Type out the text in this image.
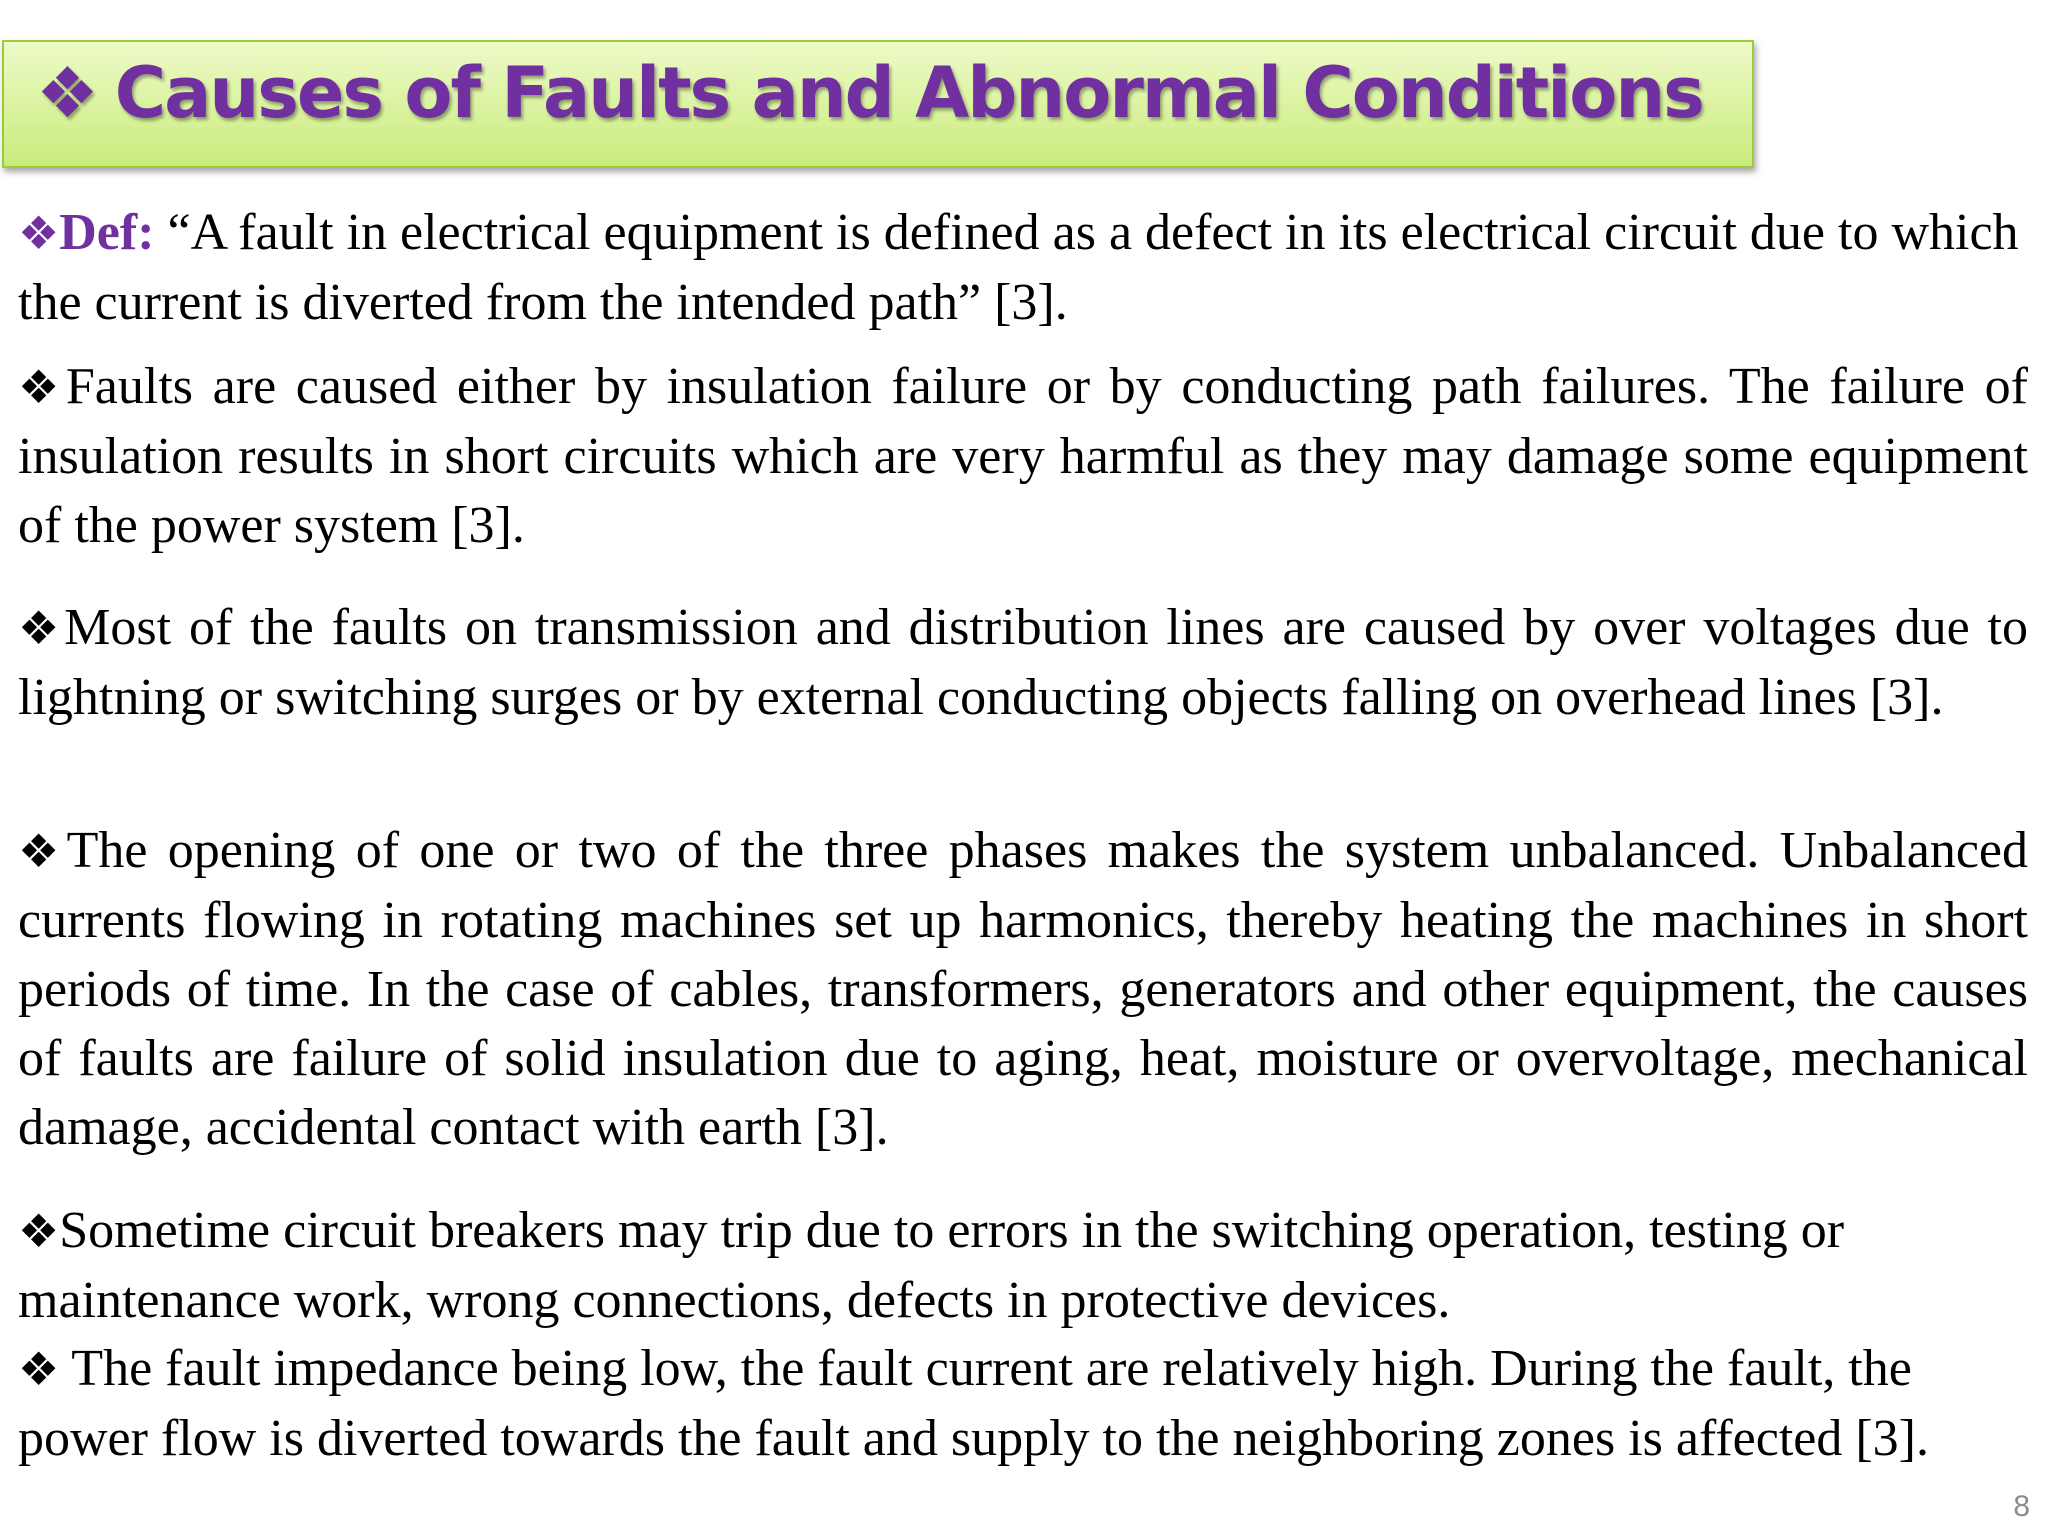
❖ Causes of Faults and Abnormal Conditions

❖Def: “A fault in electrical equipment is defined as a defect in its electrical circuit due to which the current is diverted from the intended path” [3].

❖Faults are caused either by insulation failure or by conducting path failures. The failure of insulation results in short circuits which are very harmful as they may damage some equipment of the power system [3].

❖Most of the faults on transmission and distribution lines are caused by over voltages due to lightning or switching surges or by external conducting objects falling on overhead lines [3].

❖The opening of one or two of the three phases makes the system unbalanced. Unbalanced currents flowing in rotating machines set up harmonics, thereby heating the machines in short periods of time. In the case of cables, transformers, generators and other equipment, the causes of faults are failure of solid insulation due to aging, heat, moisture or overvoltage, mechanical damage, accidental contact with earth [3].

❖Sometime circuit breakers may trip due to errors in the switching operation, testing or maintenance work, wrong connections, defects in protective devices.

❖ The fault impedance being low, the fault current are relatively high. During the fault, the power flow is diverted towards the fault and supply to the neighboring zones is affected [3].

8
